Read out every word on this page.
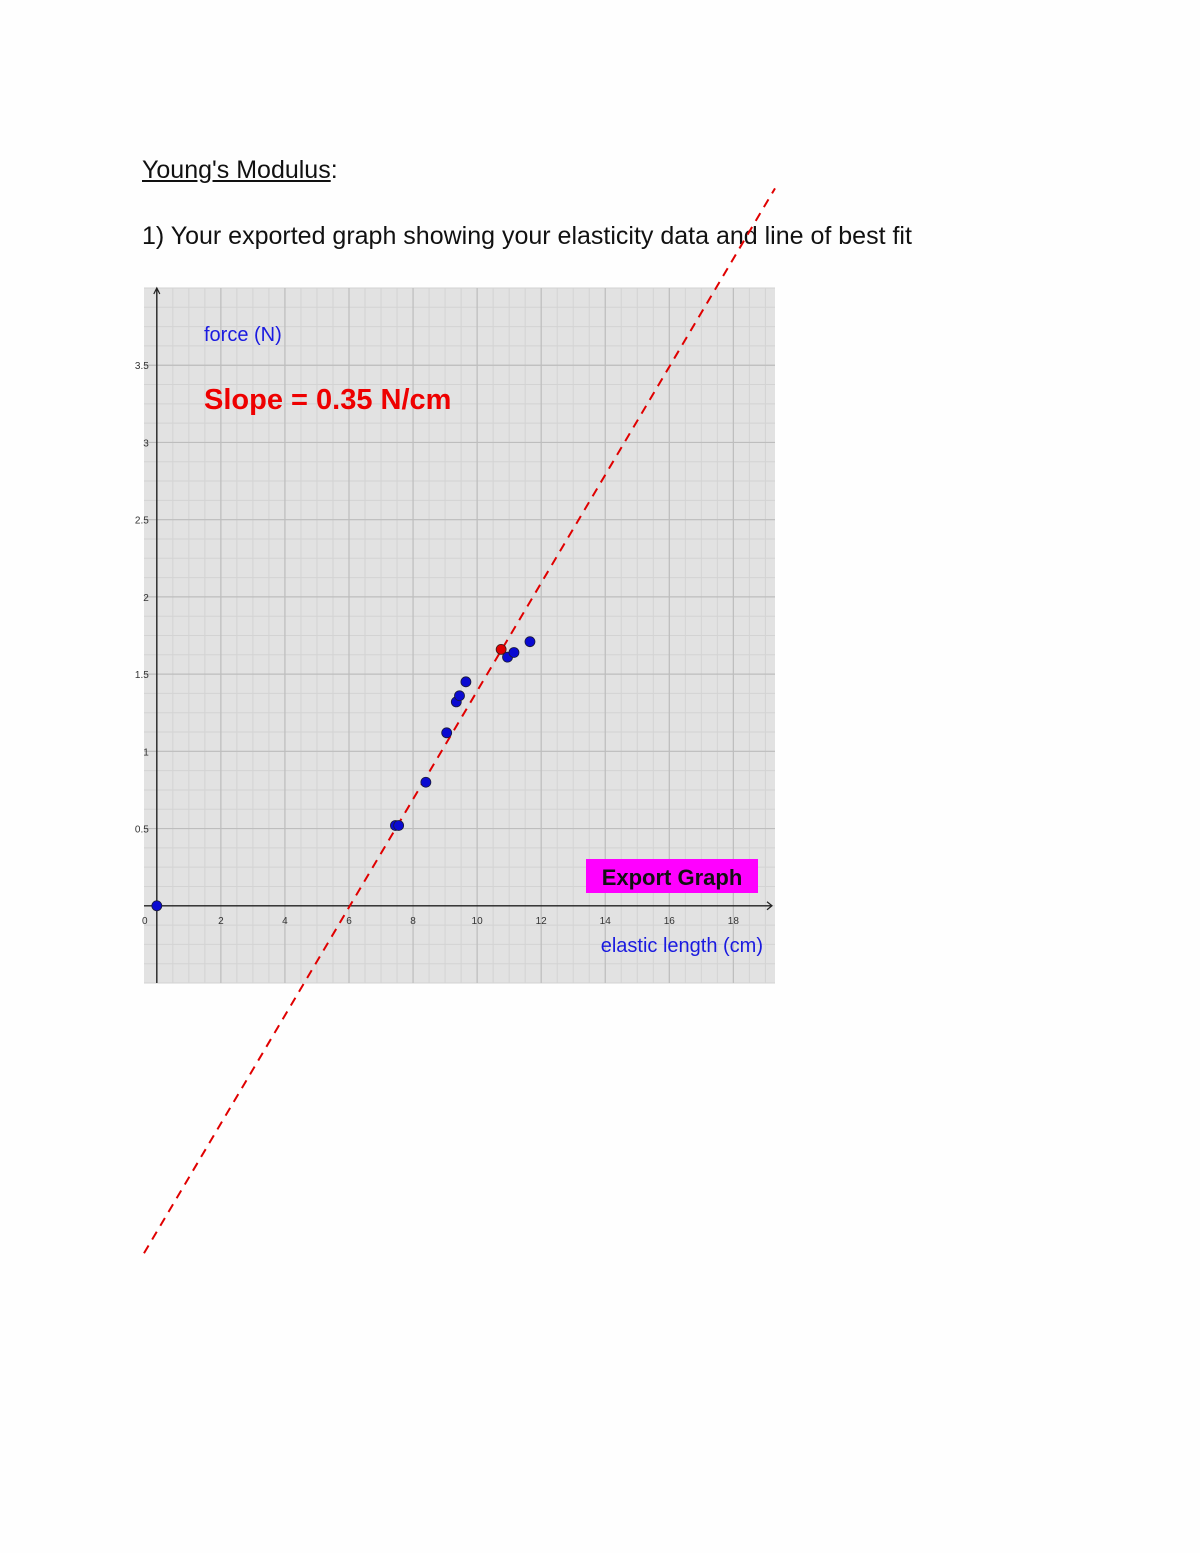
Young's Modulus:
1) Your exported graph showing your elasticity data and line of best fit
0	2	4	6	8	10	12	14	16	18
0.5
1
1.5
2
2.5
3
3.5
force (N)
Slope = 0.35 N/cm
elastic length (cm)
Export Graph
